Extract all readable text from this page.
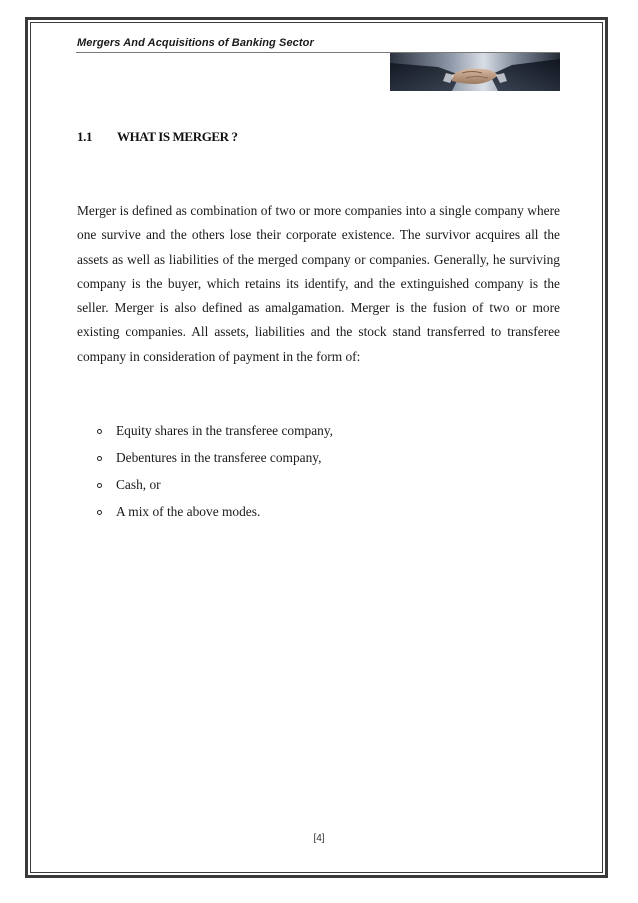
Mergers And Acquisitions of Banking Sector
1.1 WHAT IS MERGER ?

Merger is defined as combination of two or more companies into a single company where one survive and the others lose their corporate existence. The survivor acquires all the assets as well as liabilities of the merged company or companies. Generally, he surviving company is the buyer, which retains its identify, and the extinguished company is the seller. Merger is also defined as amalgamation. Merger is the fusion of two or more existing companies. All assets, liabilities and the stock stand transferred to transferee company in consideration of payment in the form of:

Equity shares in the transferee company,
Debentures in the transferee company,
Cash, or
A mix of the above modes.
[4]
